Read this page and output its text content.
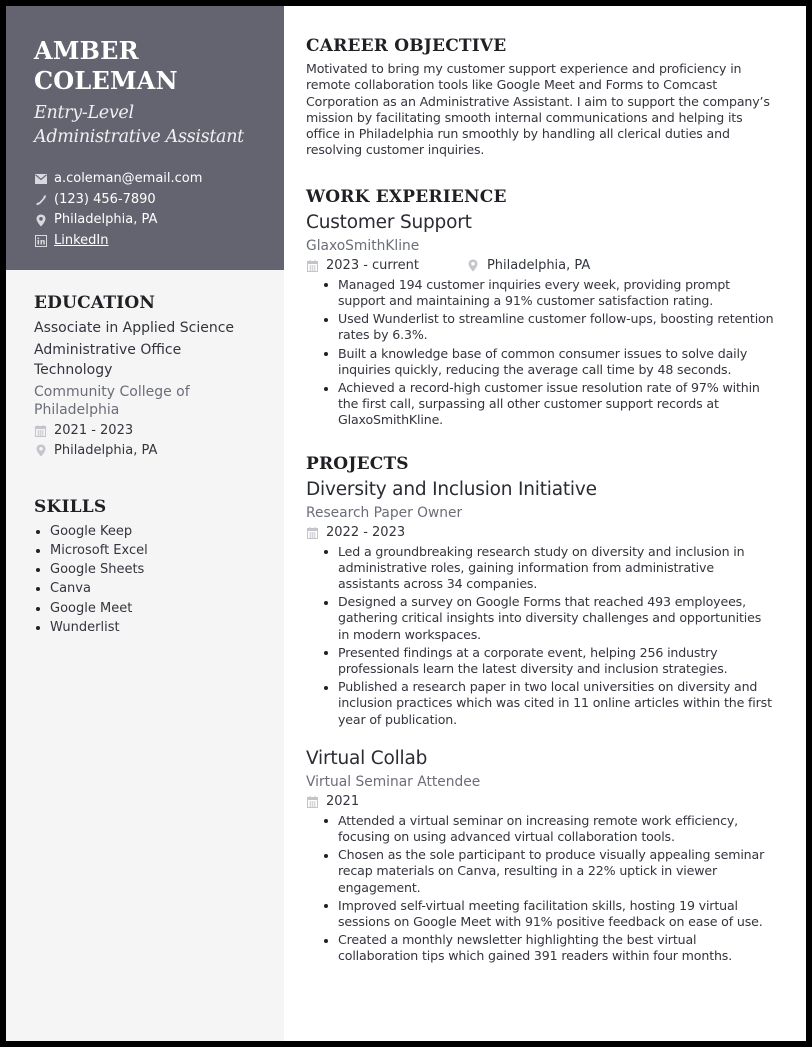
AMBER
COLEMAN
Entry-Level
Administrative Assistant
a.coleman@email.com
(123) 456-7890
Philadelphia, PA
LinkedIn
EDUCATION
Associate in Applied Science
Administrative Office Technology
Community College of Philadelphia
2021 - 2023
Philadelphia, PA
SKILLS
Google Keep
Microsoft Excel
Google Sheets
Canva
Google Meet
Wunderlist
CAREER OBJECTIVE

Motivated to bring my customer support experience and proficiency in remote collaboration tools like Google Meet and Forms to Comcast Corporation as an Administrative Assistant. I aim to support the company’s mission by facilitating smooth internal communications and helping its office in Philadelphia run smoothly by handling all clerical duties and resolving customer inquiries.

WORK EXPERIENCE
Customer Support
GlaxoSmithKline
2023 - current	Philadelphia, PA
Managed 194 customer inquiries every week, providing prompt support and maintaining a 91% customer satisfaction rating.
Used Wunderlist to streamline customer follow-ups, boosting retention rates by 6.3%.
Built a knowledge base of common consumer issues to solve daily inquiries quickly, reducing the average call time by 48 seconds.
Achieved a record-high customer issue resolution rate of 97% within the first call, surpassing all other customer support records at GlaxoSmithKline.
PROJECTS
Diversity and Inclusion Initiative
Research Paper Owner
2022 - 2023
Led a groundbreaking research study on diversity and inclusion in administrative roles, gaining information from administrative assistants across 34 companies.
Designed a survey on Google Forms that reached 493 employees, gathering critical insights into diversity challenges and opportunities in modern workspaces.
Presented findings at a corporate event, helping 256 industry professionals learn the latest diversity and inclusion strategies.
Published a research paper in two local universities on diversity and inclusion practices which was cited in 11 online articles within the first year of publication.
Virtual Collab
Virtual Seminar Attendee
2021
Attended a virtual seminar on increasing remote work efficiency, focusing on using advanced virtual collaboration tools.
Chosen as the sole participant to produce visually appealing seminar recap materials on Canva, resulting in a 22% uptick in viewer engagement.
Improved self-virtual meeting facilitation skills, hosting 19 virtual sessions on Google Meet with 91% positive feedback on ease of use.
Created a monthly newsletter highlighting the best virtual collaboration tips which gained 391 readers within four months.
